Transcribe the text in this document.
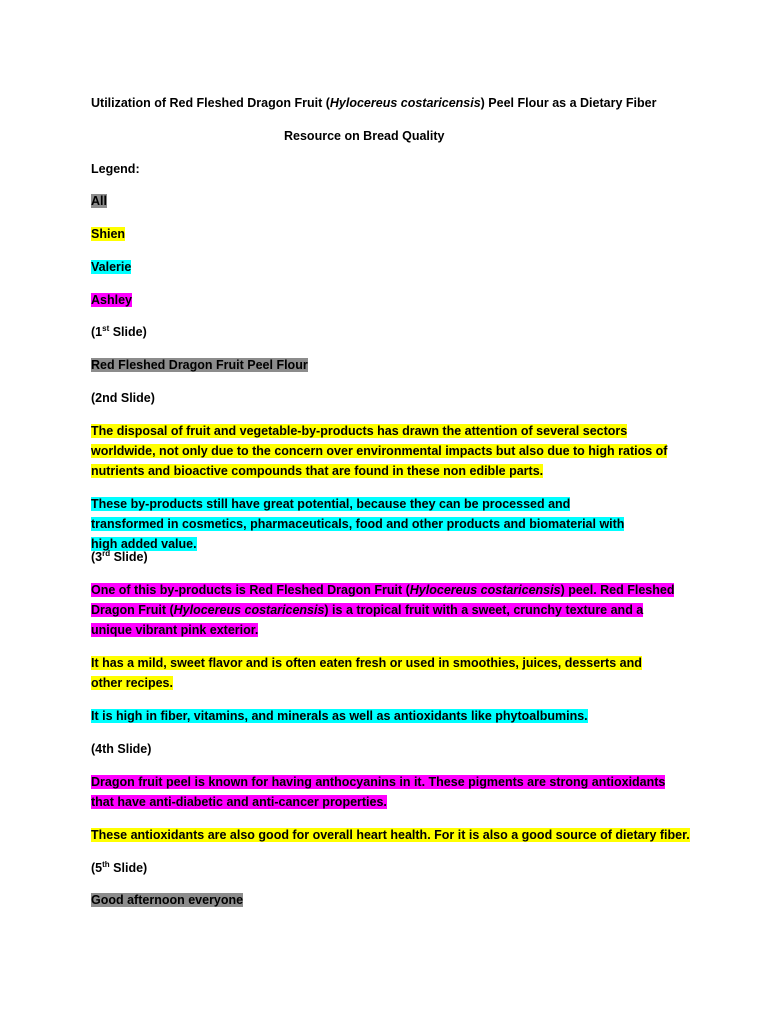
Utilization of Red Fleshed Dragon Fruit (Hylocereus costaricensis) Peel Flour as a Dietary Fiber

Resource on Bread Quality

Legend:

All

Shien

Valerie

Ashley

(1st Slide)

Red Fleshed Dragon Fruit Peel Flour

(2nd Slide)

The disposal of fruit and vegetable-by-products has drawn the attention of several sectors worldwide, not only due to the concern over environmental impacts but also due to high ratios of nutrients and bioactive compounds that are found in these non edible parts.

These by-products still have great potential, because they can be processed and transformed in cosmetics, pharmaceuticals, food and other products and biomaterial with high added value.

(3rd Slide)

One of this by-products is Red Fleshed Dragon Fruit (Hylocereus costaricensis) peel. Red Fleshed Dragon Fruit (Hylocereus costaricensis) is a tropical fruit with a sweet, crunchy texture and a unique vibrant pink exterior.

It has a mild, sweet flavor and is often eaten fresh or used in smoothies, juices, desserts and other recipes.

It is high in fiber, vitamins, and minerals as well as antioxidants like phytoalbumins.

(4th Slide)

Dragon fruit peel is known for having anthocyanins in it. These pigments are strong antioxidants that have anti-diabetic and anti-cancer properties.

These antioxidants are also good for overall heart health. For it is also a good source of dietary fiber.

(5th Slide)

Good afternoon everyone
